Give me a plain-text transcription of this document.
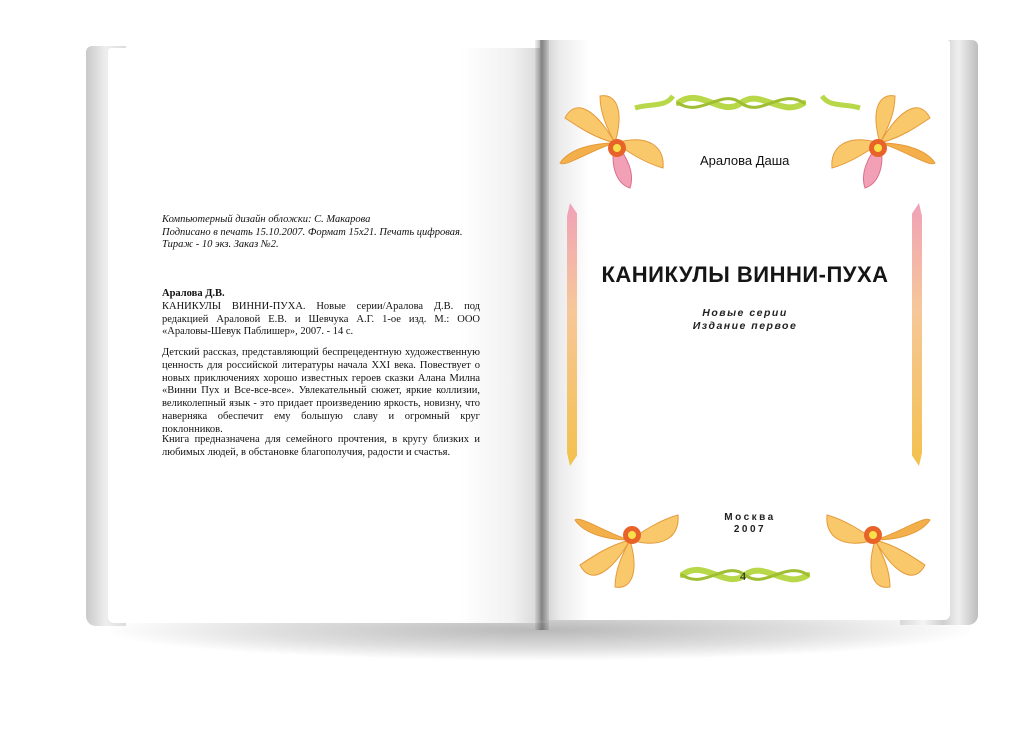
Компьютерный дизайн обложки: С. Макарова
Подписано в печать 15.10.2007. Формат 15х21. Печать цифровая.
Тираж - 10 экз. Заказ №2.
Аралова Д.В.
КАНИКУЛЫ ВИННИ-ПУХА. Новые серии/Аралова Д.В. под редакцией Араловой Е.В. и Шевчука А.Г. 1-ое изд. М.: ООО «Араловы-Шевук Паблишер», 2007. - 14 с.
Детский рассказ, представляющий беспрецедентную художественную ценность для российской литературы начала XXI века. Повествует о новых приключениях хорошо известных героев сказки Алана Милна «Винни Пух и Все-все-все». Увлекательный сюжет, яркие коллизии, великолепный язык - это придает произведению яркость, новизну, что наверняка обеспечит ему большую славу и огромный круг поклонников.
Книга предназначена для семейного прочтения, в кругу близких и любимых людей, в обстановке благополучия, радости и счастья.
Аралова Даша
КАНИКУЛЫ ВИННИ-ПУХА
Новые серии
Издание первое
Москва
2007
4
